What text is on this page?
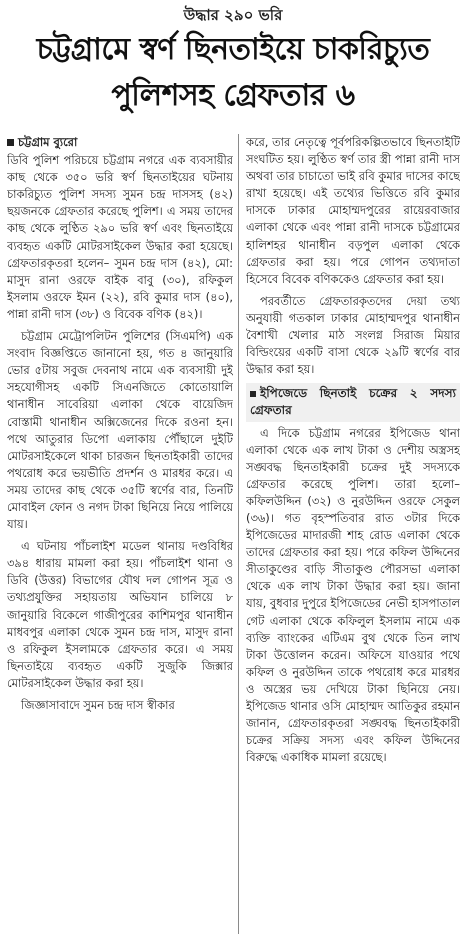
উদ্ধার ২৯০ ভরি
চট্টগ্রামে স্বর্ণ ছিনতাইয়ে চাকরিচ্যুত
পুলিশসহ গ্রেফতার ৬
চট্টগ্রাম ব্যুরো

ডিবি পুলিশ পরিচয়ে চট্টগ্রাম নগরে এক ব্যবসায়ীর কাছ থেকে ৩৫০ ভরি স্বর্ণ ছিনতাইয়ের ঘটনায় চাকরিচ্যুত পুলিশ সদস্য সুমন চন্দ্র দাসসহ (৪২) ছয়জনকে গ্রেফতার করেছে পুলিশ। এ সময় তাদের কাছ থেকে লুণ্ঠিত ২৯০ ভরি স্বর্ণ এবং ছিনতাইয়ে ব্যবহৃত একটি মোটরসাইকেল উদ্ধার করা হয়েছে। গ্রেফতারকৃতরা হলেন– সুমন চন্দ্র দাস (৪২), মো: মাসুদ রানা ওরফে বাইক বাবু (৩০), রফিকুল ইসলাম ওরফে ইমন (২২), রবি কুমার দাস (৪০), পান্না রানী দাস (৩৮) ও বিবেক বণিক (৪২)।

চট্টগ্রাম মেট্রোপলিটন পুলিশের (সিএমপি) এক সংবাদ বিজ্ঞপ্তিতে জানানো হয়, গত ৪ জানুয়ারি ভোর ৫টায় সবুজ দেবনাথ নামে এক ব্যবসায়ী দুই সহযোগীসহ একটি সিএনজিতে কোতোয়ালি থানাধীন সাবেরিয়া এলাকা থেকে বায়েজিদ বোস্তামী থানাধীন অক্সিজেনের দিকে রওনা হন। পথে আতুরার ডিপো এলাকায় পৌঁছালে দুইটি মোটরসাইকেলে থাকা চারজন ছিনতাইকারী তাদের পথরোধ করে ভয়ভীতি প্রদর্শন ও মারধর করে। এ সময় তাদের কাছ থেকে ৩৫টি স্বর্ণের বার, তিনটি মোবাইল ফোন ও নগদ টাকা ছিনিয়ে নিয়ে পালিয়ে যায়।

এ ঘটনায় পাঁচলাইশ মডেল থানায় দণ্ডবিধির ৩৯৪ ধারায় মামলা করা হয়। পাঁচলাইশ থানা ও ডিবি (উত্তর) বিভাগের যৌথ দল গোপন সূত্র ও তথ্যপ্রযুক্তির সহায়তায় অভিযান চালিয়ে ৮ জানুয়ারি বিকেলে গাজীপুরের কাশিমপুর থানাধীন মাধবপুর এলাকা থেকে সুমন চন্দ্র দাস, মাসুদ রানা ও রফিকুল ইসলামকে গ্রেফতার করে। এ সময় ছিনতাইয়ে ব্যবহৃত একটি সুজুকি জিক্সার মোটরসাইকেল উদ্ধার করা হয়।

জিজ্ঞাসাবাদে সুমন চন্দ্র দাস স্বীকার

করে, তার নেতৃত্বে পূর্বপরিকল্পিতভাবে ছিনতাইটি সংঘটিত হয়। লুণ্ঠিত স্বর্ণ তার স্ত্রী পান্না রানী দাস অথবা তার চাচাতো ভাই রবি কুমার দাসের কাছে রাখা হয়েছে। এই তথ্যের ভিত্তিতে রবি কুমার দাসকে ঢাকার মোহাম্মদপুরের রায়েরবাজার এলাকা থেকে এবং পান্না রানী দাসকে চট্টগ্রামের হালিশহর থানাধীন বড়পুল এলাকা থেকে গ্রেফতার করা হয়। পরে গোপন তথ্যদাতা হিসেবে বিবেক বণিককেও গ্রেফতার করা হয়।

পরবর্তীতে গ্রেফতারকৃতদের দেয়া তথ্য অনুযায়ী গতকাল ঢাকার মোহাম্মদপুর থানাধীন বৈশাখী খেলার মাঠ সংলগ্ন সিরাজ মিয়ার বিল্ডিংয়ের একটি বাসা থেকে ২৯টি স্বর্ণের বার উদ্ধার করা হয়।

ইপিজেডে ছিনতাই চক্রের ২ সদস্য গ্রেফতার

এ দিকে চট্টগ্রাম নগরের ইপিজেড থানা এলাকা থেকে এক লাখ টাকা ও দেশীয় অস্ত্রসহ সঙ্ঘবদ্ধ ছিনতাইকারী চক্রের দুই সদস্যকে গ্রেফতার করেছে পুলিশ। তারা হলো– কফিলউদ্দিন (৩২) ও নুরউদ্দিন ওরফে সেকুল (৩৬)। গত বৃহস্পতিবার রাত ৩টার দিকে ইপিজেডের মাদারজী শাহ রোড এলাকা থেকে তাদের গ্রেফতার করা হয়। পরে কফিল উদ্দিনের সীতাকুণ্ডের বাড়ি সীতাকুণ্ড পৌরসভা এলাকা থেকে এক লাখ টাকা উদ্ধার করা হয়। জানা যায়, বুধবার দুপুরে ইপিজেডের নেভী হাসপাতাল গেট এলাকা থেকে কফিলুল ইসলাম নামে এক ব্যক্তি ব্যাংকের এটিএম বুথ থেকে তিন লাখ টাকা উত্তোলন করেন। অফিসে যাওয়ার পথে কফিল ও নুরউদ্দিন তাকে পথরোধ করে মারধর ও অস্ত্রের ভয় দেখিয়ে টাকা ছিনিয়ে নেয়। ইপিজেড থানার ওসি মোহাম্মদ আতিকুর রহমান জানান, গ্রেফতারকৃতরা সঙ্ঘবদ্ধ ছিনতাইকারী চক্রের সক্রিয় সদস্য এবং কফিল উদ্দিনের বিরুদ্ধে একাধিক মামলা রয়েছে।
